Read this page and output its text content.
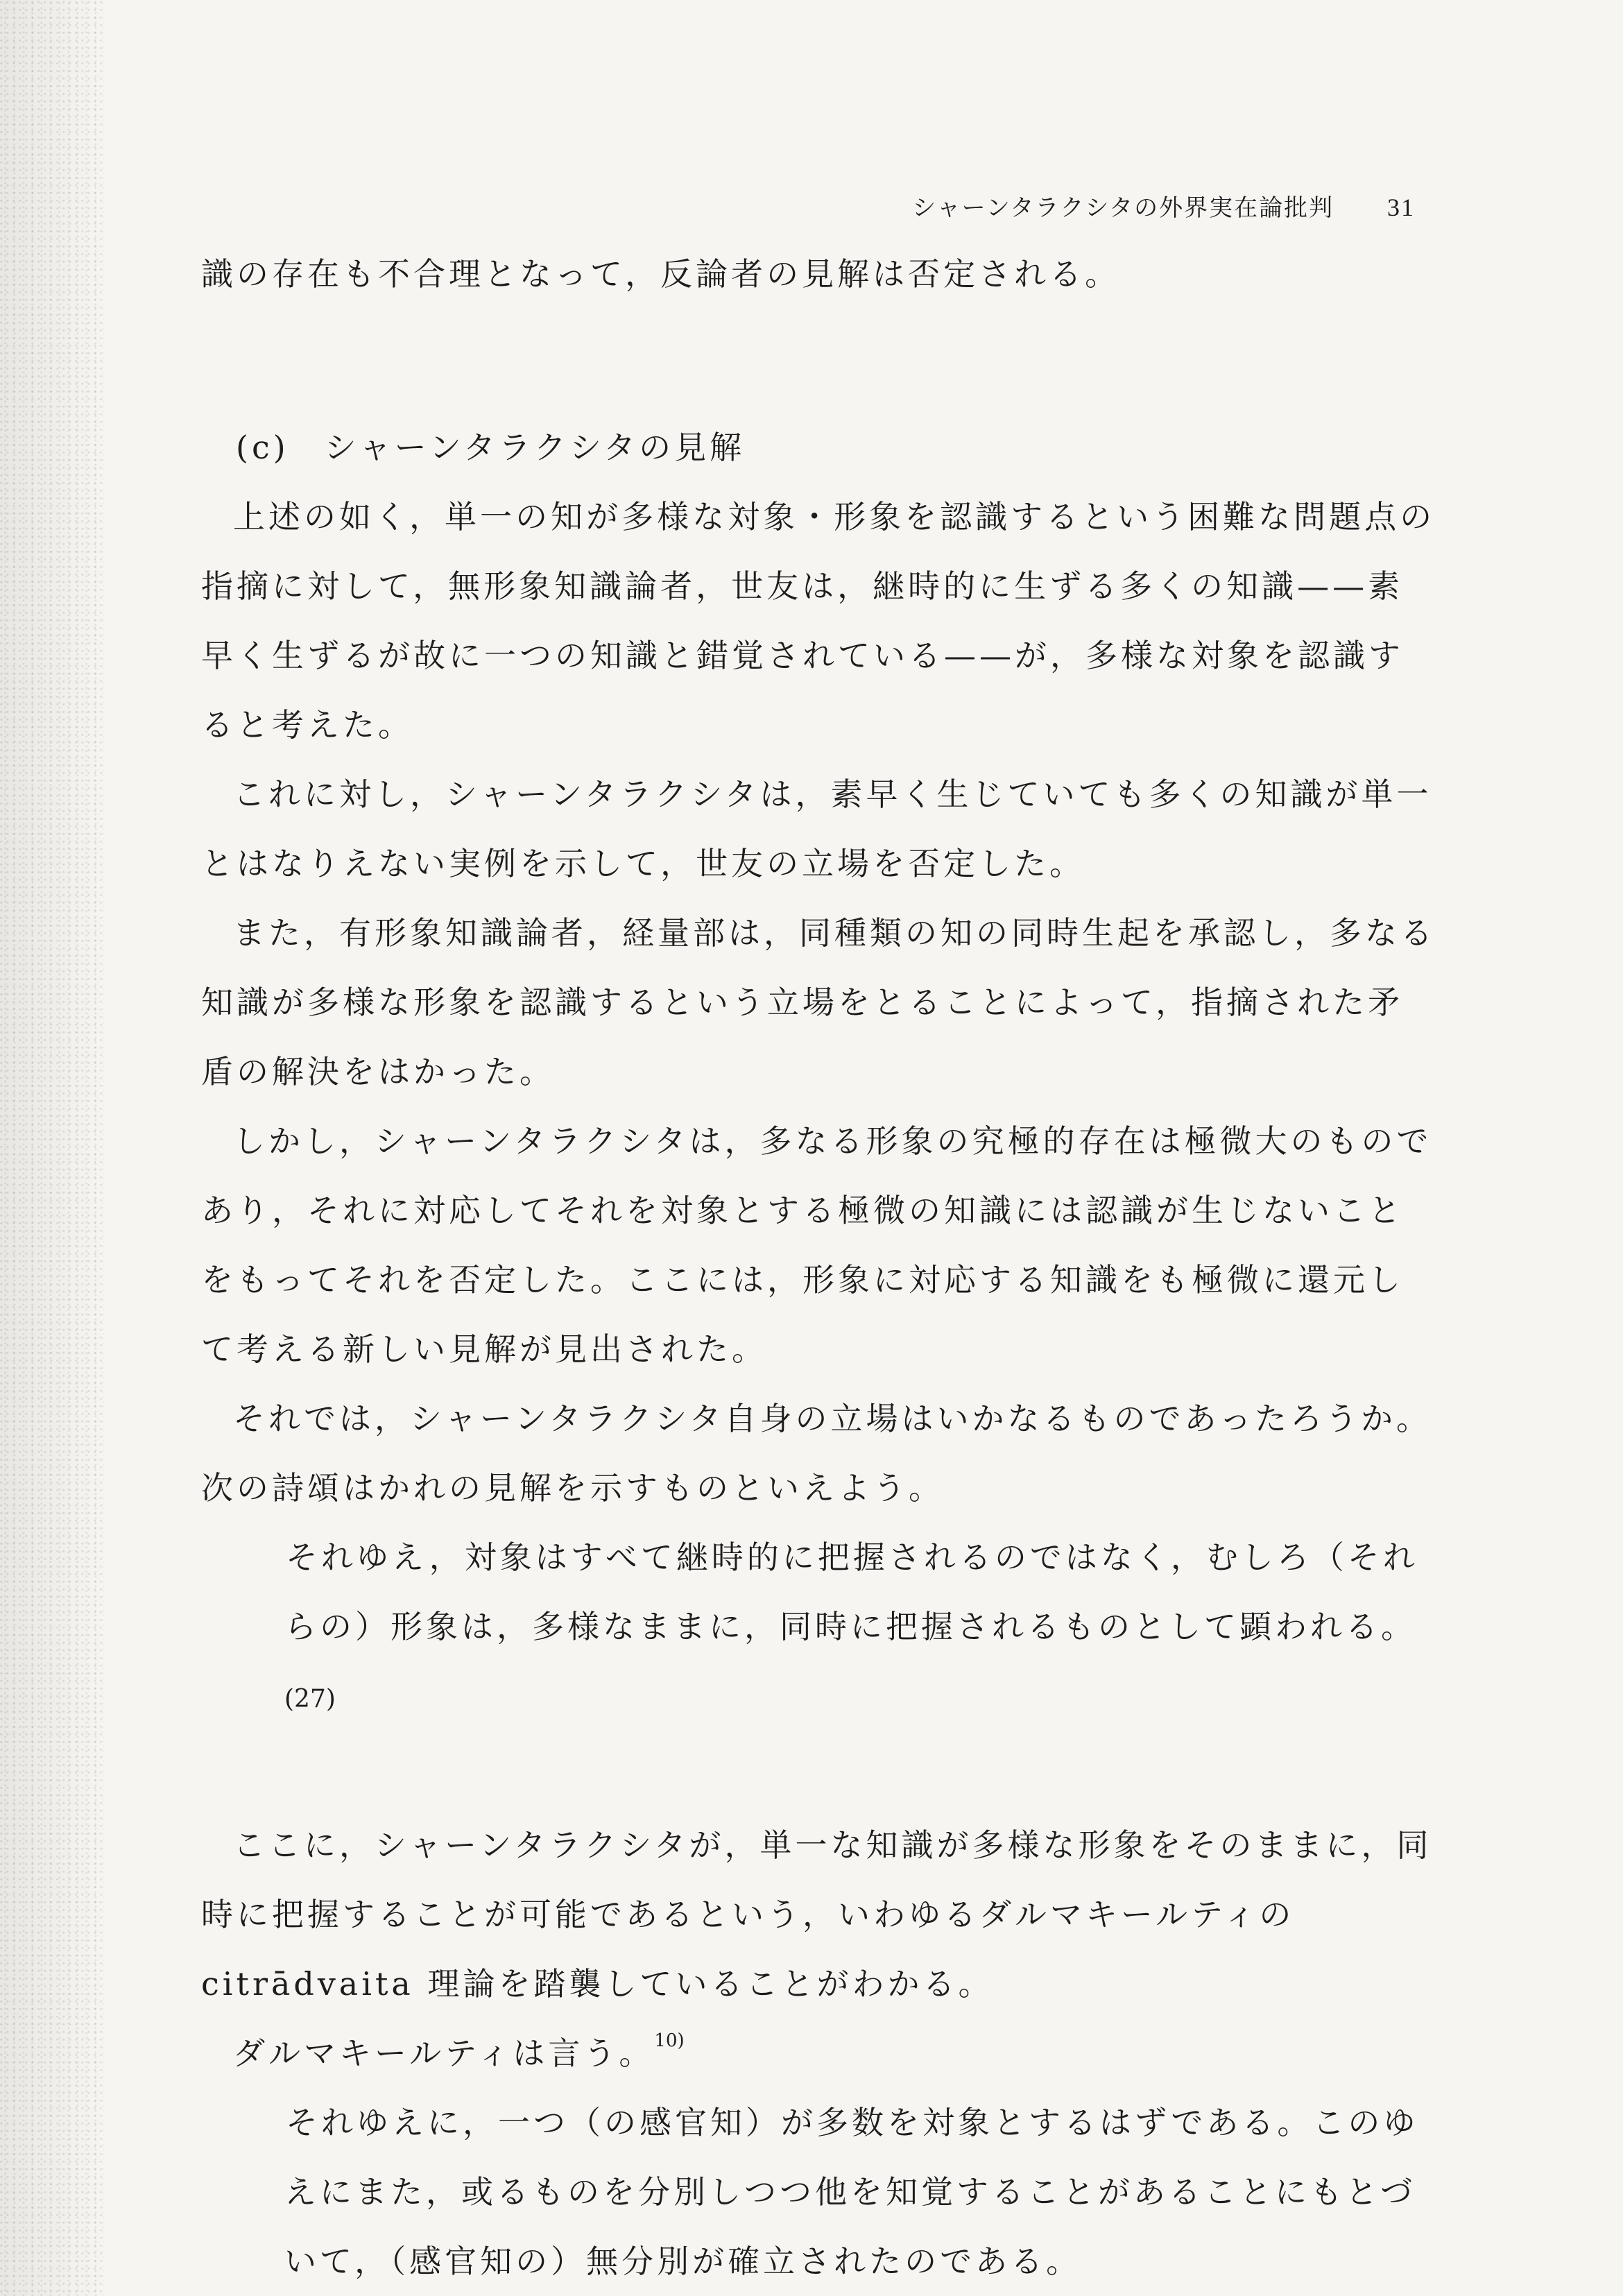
シャーンタラクシタの外界実在論批判 31

識の存在も不合理となって，反論者の見解は否定される。

(c)　シャーンタラクシタの見解

上述の如く，単一の知が多様な対象・形象を認識するという困難な問題点の指摘に対して，無形象知識論者，世友は，継時的に生ずる多くの知識——素早く生ずるが故に一つの知識と錯覚されている——が，多様な対象を認識すると考えた。

これに対し，シャーンタラクシタは，素早く生じていても多くの知識が単一とはなりえない実例を示して，世友の立場を否定した。

また，有形象知識論者，経量部は，同種類の知の同時生起を承認し，多なる知識が多様な形象を認識するという立場をとることによって，指摘された矛盾の解決をはかった。

しかし，シャーンタラクシタは，多なる形象の究極的存在は極微大のものであり，それに対応してそれを対象とする極微の知識には認識が生じないことをもってそれを否定した。ここには，形象に対応する知識をも極微に還元して考える新しい見解が見出された。

それでは，シャーンタラクシタ自身の立場はいかなるものであったろうか。次の詩頌はかれの見解を示すものといえよう。

それゆえ，対象はすべて継時的に把握されるのではなく，むしろ（それらの）形象は，多様なままに，同時に把握されるものとして顕われる。(27)

ここに，シャーンタラクシタが，単一な知識が多様な形象をそのままに，同時に把握することが可能であるという，いわゆるダルマキールティの citrādvaita 理論を踏襲していることがわかる。

ダルマキールティは言う。$^{10)}$

それゆえに，一つ（の感官知）が多数を対象とするはずである。このゆえにまた，或るものを分別しつつ他を知覚することがあることにもとづいて，（感官知の）無分別が確立されたのである。
